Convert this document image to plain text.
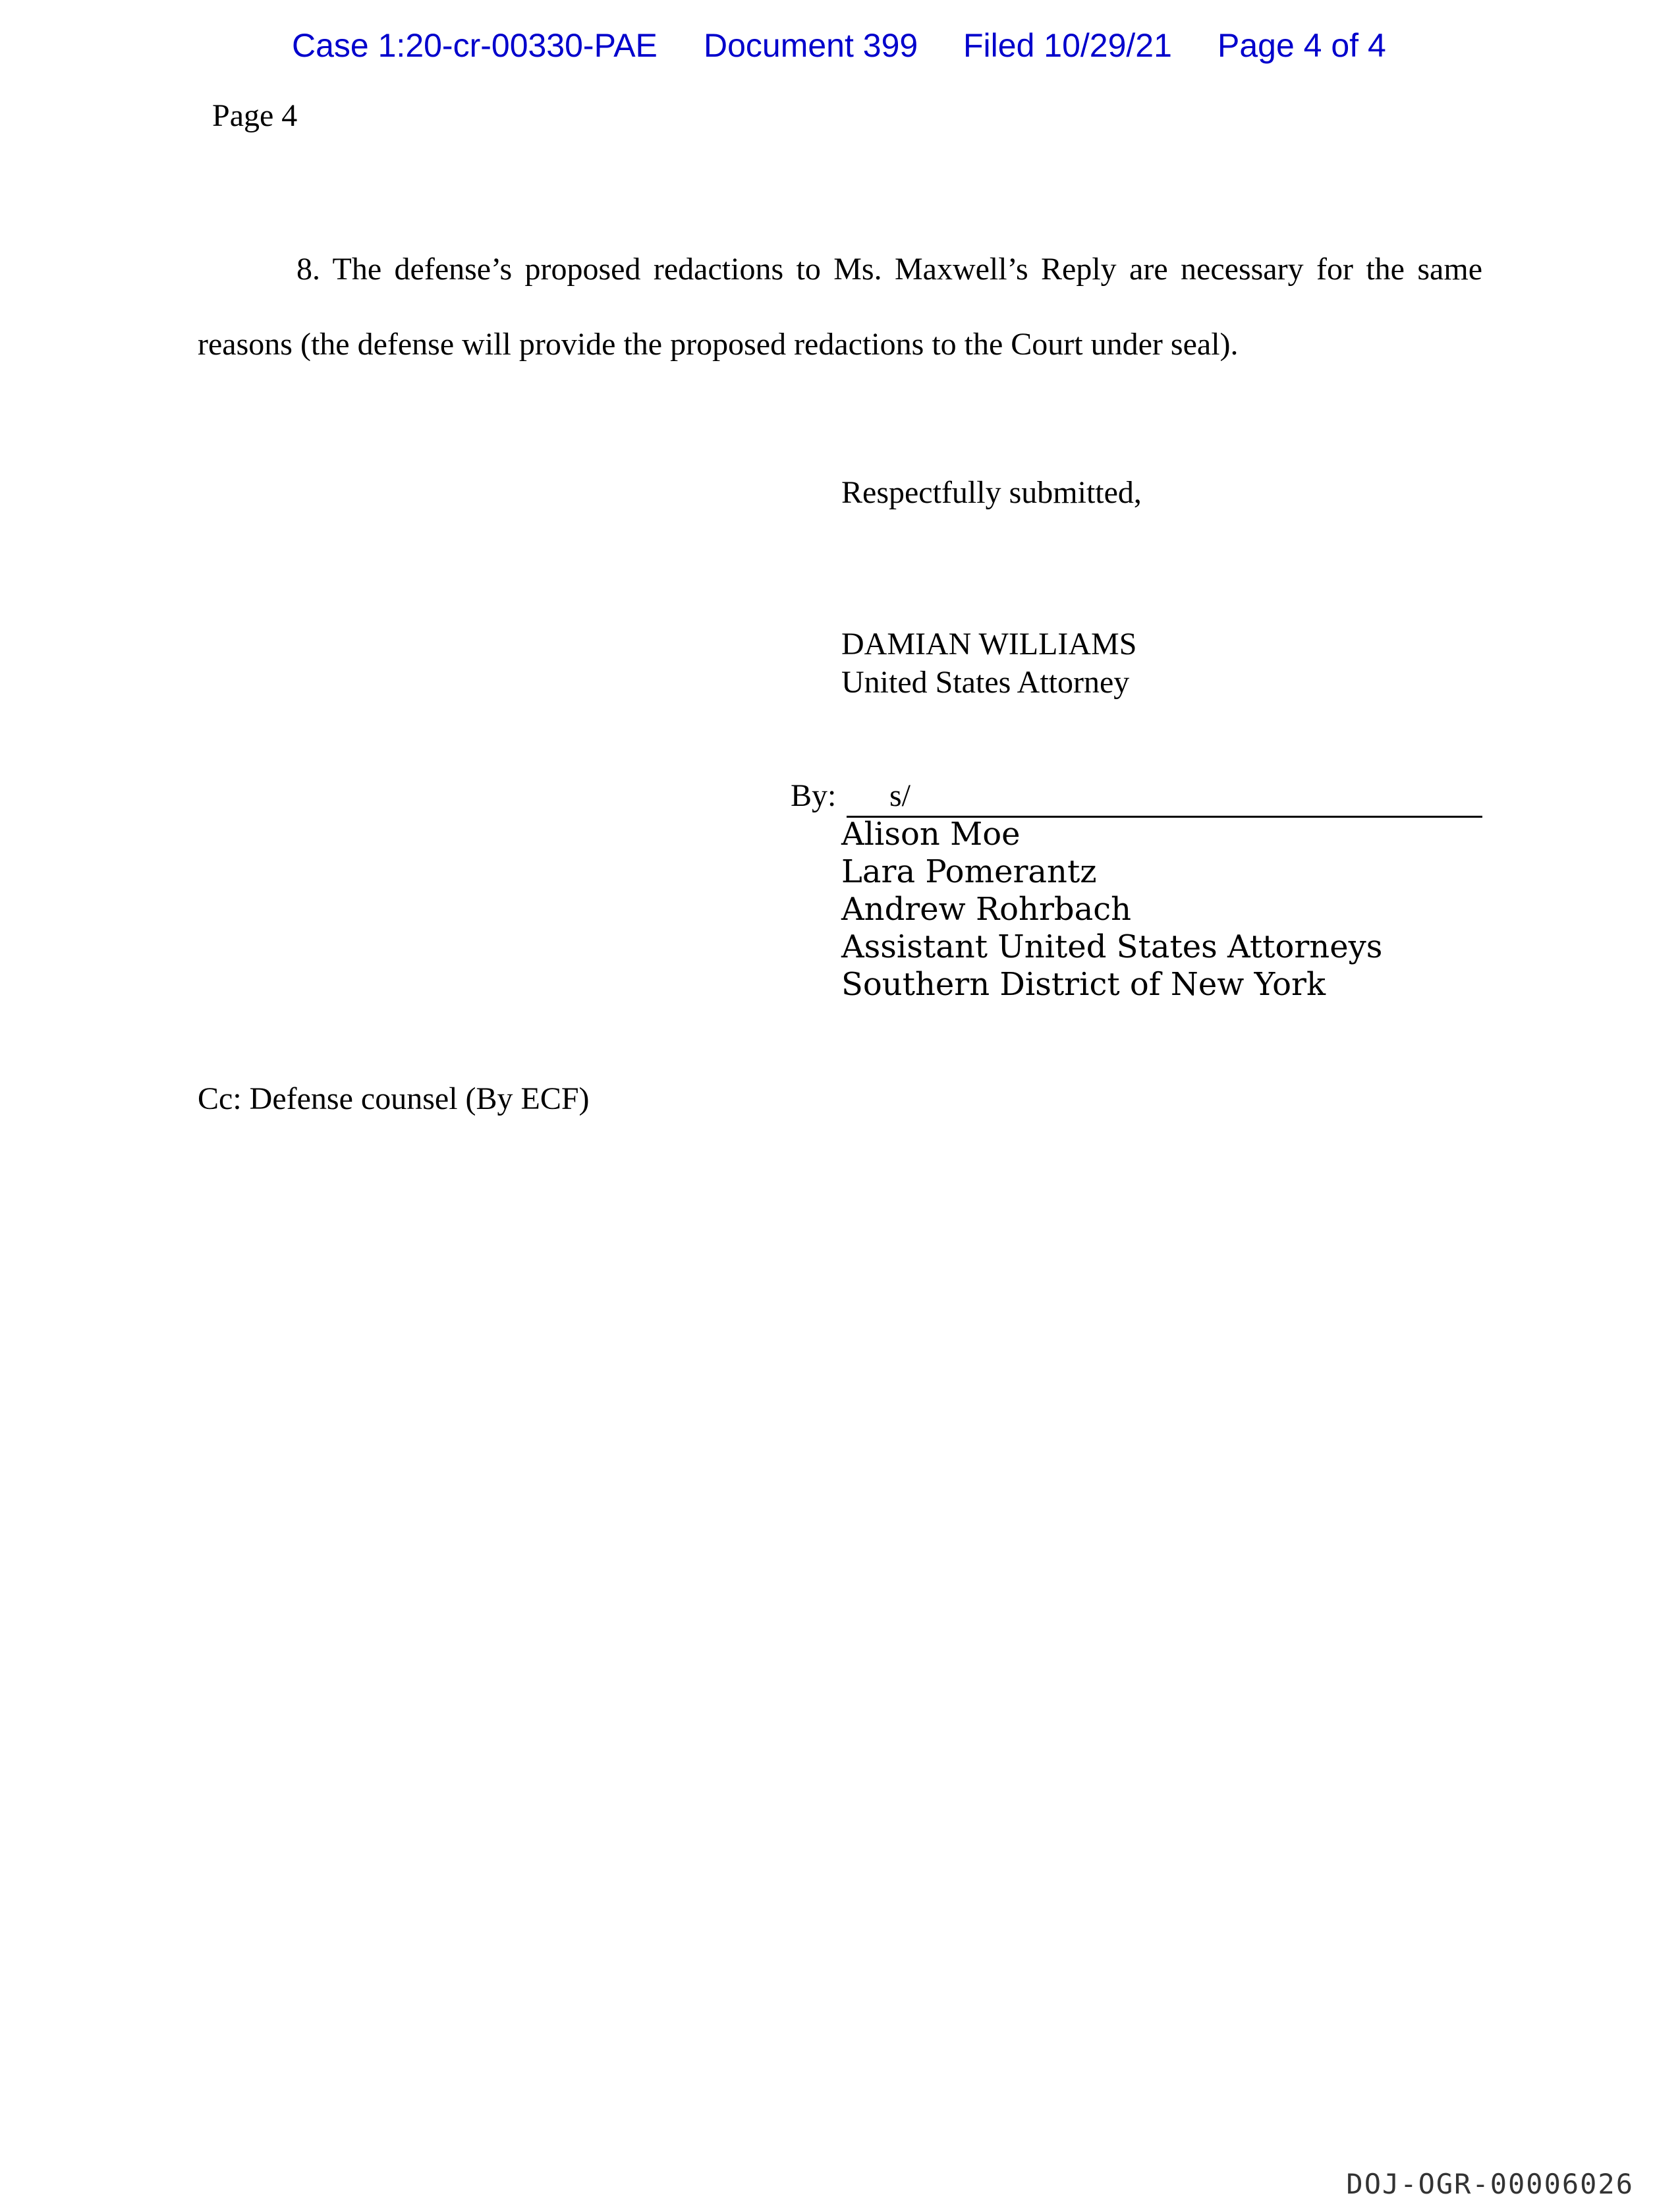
Case 1:20-cr-00330-PAE Document 399 Filed 10/29/21 Page 4 of 4
Page 4
8. The defense’s proposed redactions to Ms. Maxwell’s Reply are necessary for the same reasons (the defense will provide the proposed redactions to the Court under seal).
Respectfully submitted,
DAMIAN WILLIAMS
United States Attorney
By: s/
Alison Moe
Lara Pomerantz
Andrew Rohrbach
Assistant United States Attorneys
Southern District of New York
Cc: Defense counsel (By ECF)
DOJ-OGR-00006026
